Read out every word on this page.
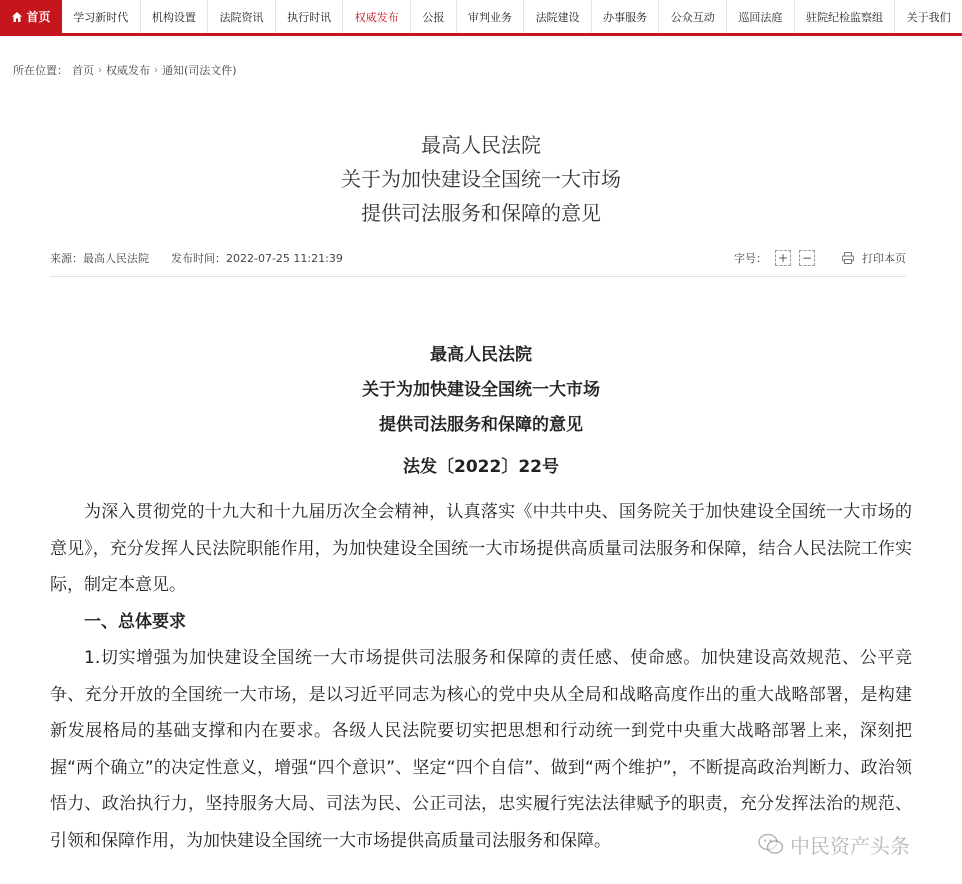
首页	学习新时代	机构设置	法院资讯	执行时讯	权威发布	公报	审判业务	法院建设	办事服务	公众互动	巡回法庭	驻院纪检监察组	关于我们
所在位置： 首页 › 权威发布 › 通知(司法文件)
最高人民法院
关于为加快建设全国统一大市场
提供司法服务和保障的意见
来源：最高人民法院 发布时间：2022-07-25 11:21:39	字号： + −	打印本页
最高人民法院
关于为加快建设全国统一大市场
提供司法服务和保障的意见
法发〔2022〕22号

为深入贯彻党的十九大和十九届历次全会精神，认真落实《中共中央、国务院关于加快建设全国统一大市场的意见》，充分发挥人民法院职能作用，为加快建设全国统一大市场提供高质量司法服务和保障，结合人民法院工作实际，制定本意见。

一、总体要求

1.切实增强为加快建设全国统一大市场提供司法服务和保障的责任感、使命感。加快建设高效规范、公平竞争、充分开放的全国统一大市场，是以习近平同志为核心的党中央从全局和战略高度作出的重大战略部署，是构建新发展格局的基础支撑和内在要求。各级人民法院要切实把思想和行动统一到党中央重大战略部署上来，深刻把握“两个确立”的决定性意义，增强“四个意识”、坚定“四个自信”、做到“两个维护”，不断提高政治判断力、政治领悟力、政治执行力，坚持服务大局、司法为民、公正司法，忠实履行宪法法律赋予的职责，充分发挥法治的规范、引领和保障作用，为加快建设全国统一大市场提供高质量司法服务和保障。	中民资产头条
